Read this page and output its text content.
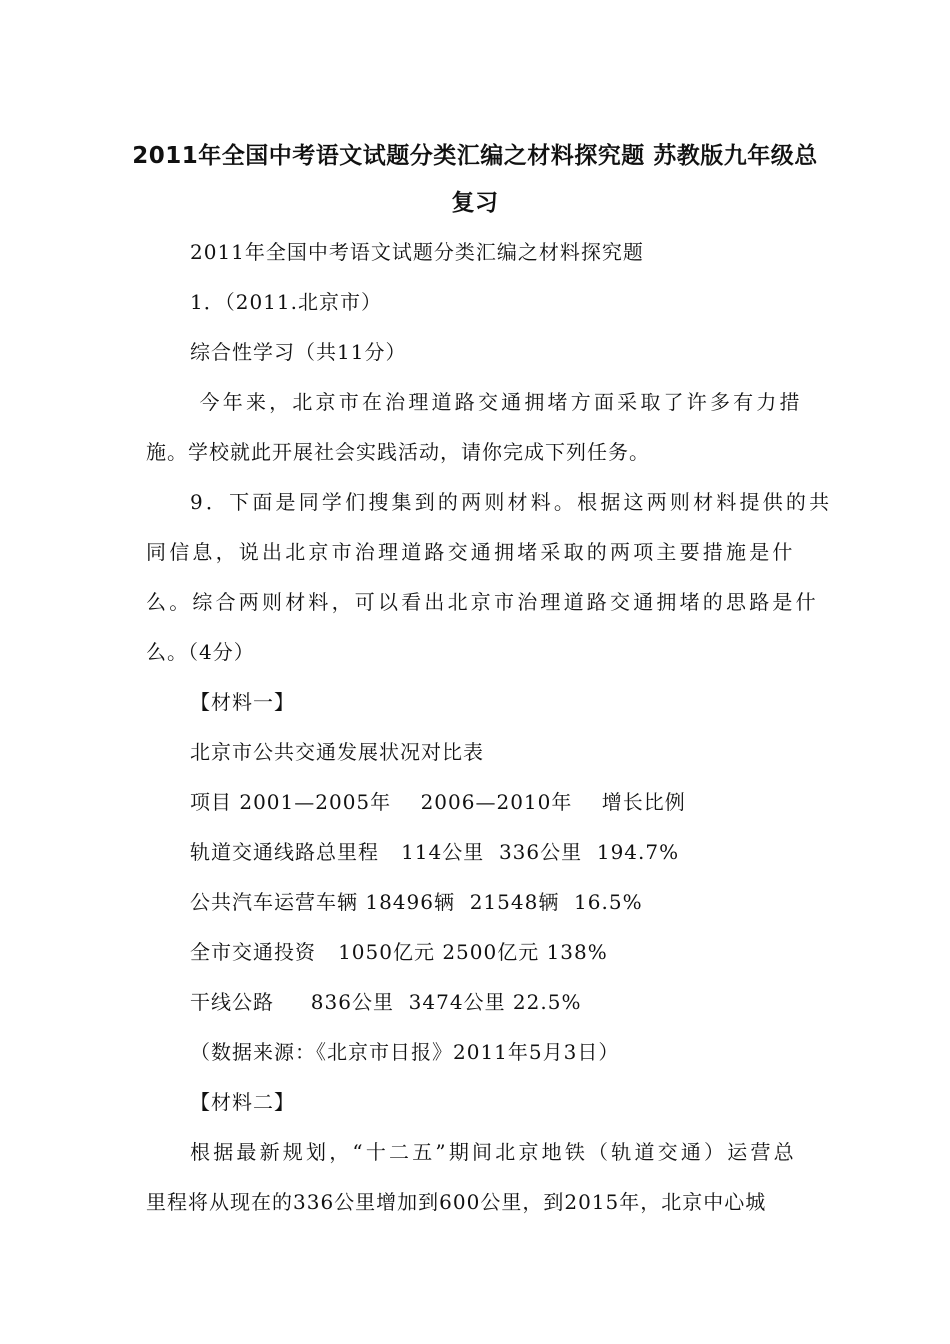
2011年全国中考语文试题分类汇编之材料探究题 苏教版九年级总
复习
2011年全国中考语文试题分类汇编之材料探究题
1．（2011.北京市）
综合性学习（共11分）
今年来，北京市在治理道路交通拥堵方面采取了许多有力措
施。学校就此开展社会实践活动，请你完成下列任务。
9．下面是同学们搜集到的两则材料。根据这两则材料提供的共
同信息，说出北京市治理道路交通拥堵采取的两项主要措施是什
么。综合两则材料，可以看出北京市治理道路交通拥堵的思路是什
么。（4分）
【材料一】
北京市公共交通发展状况对比表
项目 2001—2005年    2006—2010年    增长比例
轨道交通线路总里程   114公里  336公里  194.7%
公共汽车运营车辆 18496辆  21548辆  16.5%
全市交通投资   1050亿元 2500亿元 138%
干线公路     836公里  3474公里 22.5%
（数据来源：《北京市日报》2011年5月3日）
【材料二】
根据最新规划，“十二五”期间北京地铁（轨道交通）运营总
里程将从现在的336公里增加到600公里，到2015年，北京中心城
